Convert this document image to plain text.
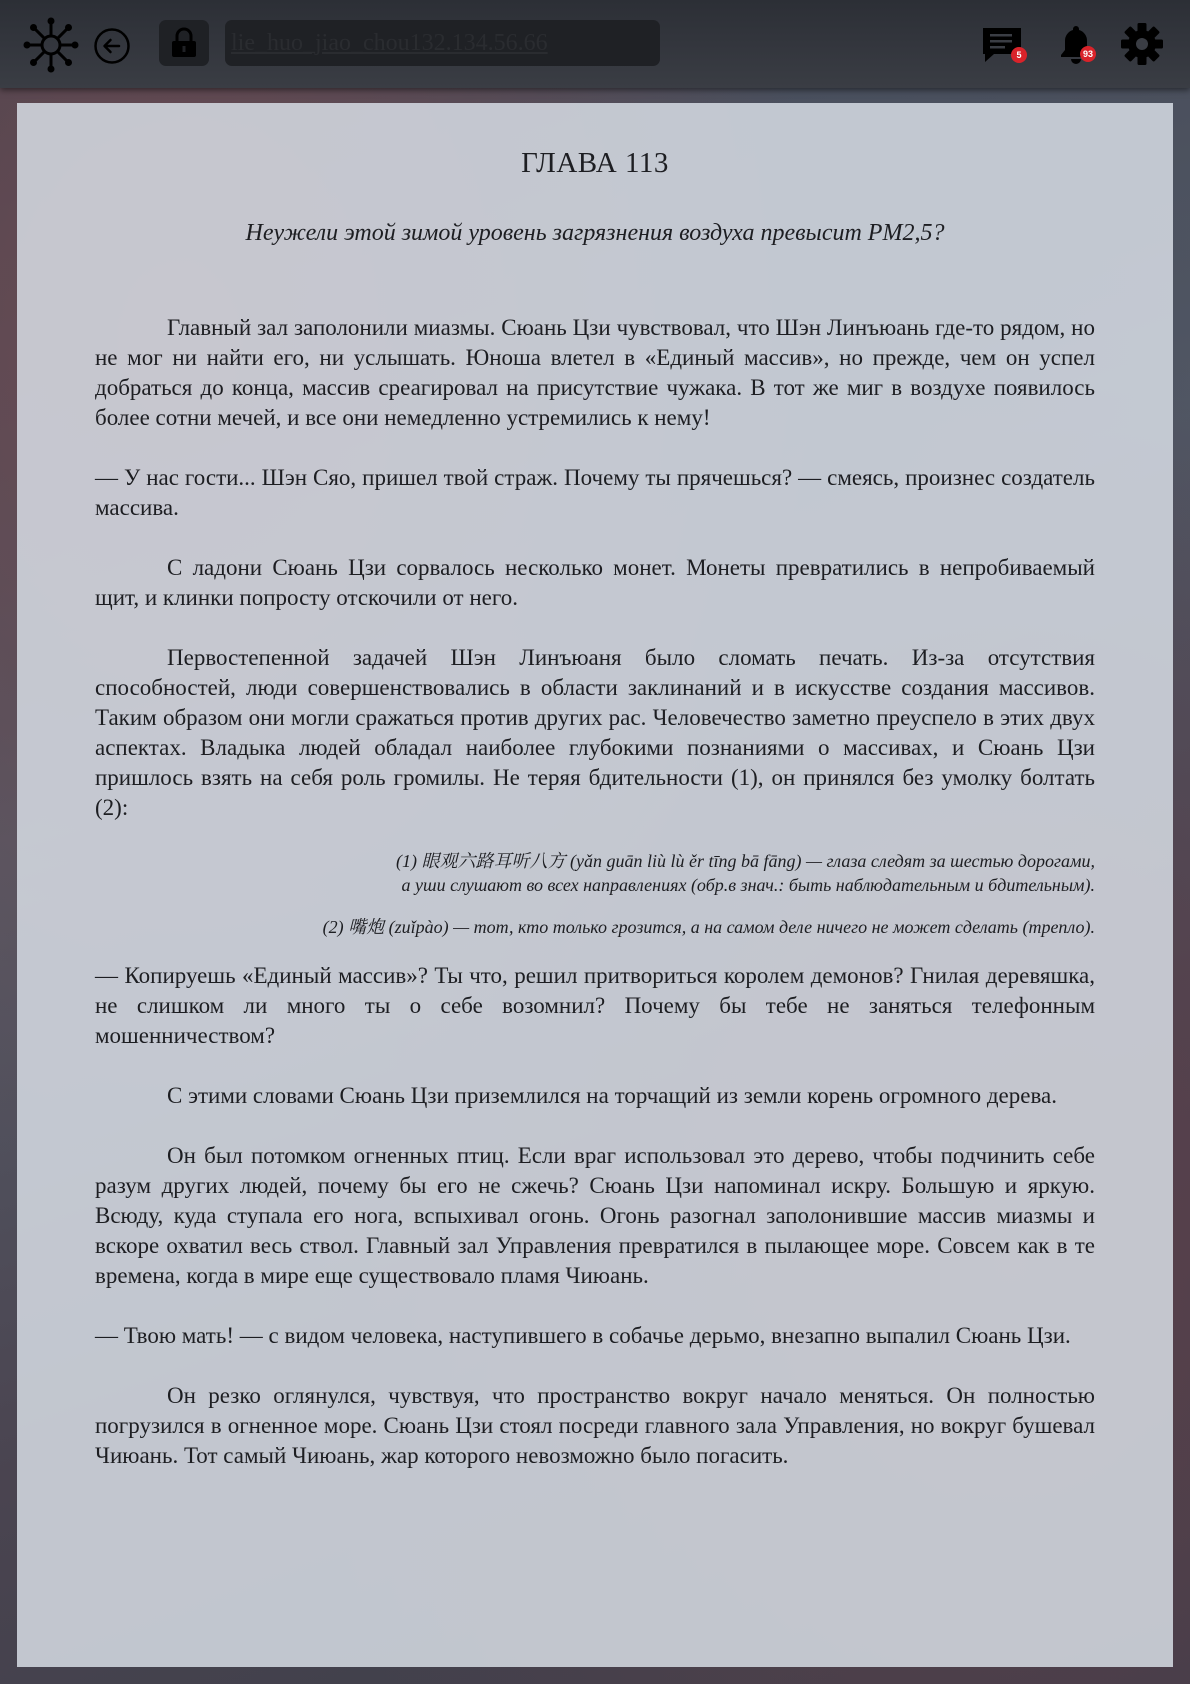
lie_huo_jiao_chou132.134.56.66
5	93
ГЛАВА 113

Неужели этой зимой уровень загрязнения воздуха превысит PM2,5?

Главный зал заполонили миазмы. Сюань Цзи чувствовал, что Шэн Линъюань где-то рядом, но не мог ни найти его, ни услышать. Юноша влетел в «Единый массив», но прежде, чем он успел добраться до конца, массив среагировал на присутствие чужака. В тот же миг в воздухе появилось более сотни мечей, и все они немедленно устремились к нему!

— У нас гости... Шэн Сяо, пришел твой страж. Почему ты прячешься? — смеясь, произнес создатель массива.

С ладони Сюань Цзи сорвалось несколько монет. Монеты превратились в непробиваемый щит, и клинки попросту отскочили от него.

Первостепенной задачей Шэн Линъюаня было сломать печать. Из-за отсутствия способностей, люди совершенствовались в области заклинаний и в искусстве создания массивов. Таким образом они могли сражаться против других рас. Человечество заметно преуспело в этих двух аспектах. Владыка людей обладал наиболее глубокими познаниями о массивах, и Сюань Цзи пришлось взять на себя роль громилы. Не теряя бдительности (1), он принялся без умолку болтать (2):

(1) 眼观六路耳听八方 (yǎn guān liù lù ěr tīng bā fāng) — глаза следят за шестью дорогами,

а уши слушают во всех направлениях (обр.в знач.: быть наблюдательным и бдительным).

(2) 嘴炮 (zuǐpào) — тот, кто только грозится, а на самом деле ничего не может сделать (трепло).

— Копируешь «Единый массив»? Ты что, решил притвориться королем демонов? Гнилая деревяшка, не слишком ли много ты о себе возомнил? Почему бы тебе не заняться телефонным мошенничеством?

С этими словами Сюань Цзи приземлился на торчащий из земли корень огромного дерева.

Он был потомком огненных птиц. Если враг использовал это дерево, чтобы подчинить себе разум других людей, почему бы его не сжечь? Сюань Цзи напоминал искру. Большую и яркую. Всюду, куда ступала его нога, вспыхивал огонь. Огонь разогнал заполонившие массив миазмы и вскоре охватил весь ствол. Главный зал Управления превратился в пылающее море. Совсем как в те времена, когда в мире еще существовало пламя Чиюань.

— Твою мать! — с видом человека, наступившего в собачье дерьмо, внезапно выпалил Сюань Цзи.

Он резко оглянулся, чувствуя, что пространство вокруг начало меняться. Он полностью погрузился в огненное море. Сюань Цзи стоял посреди главного зала Управления, но вокруг бушевал Чиюань. Тот самый Чиюань, жар которого невозможно было погасить.
